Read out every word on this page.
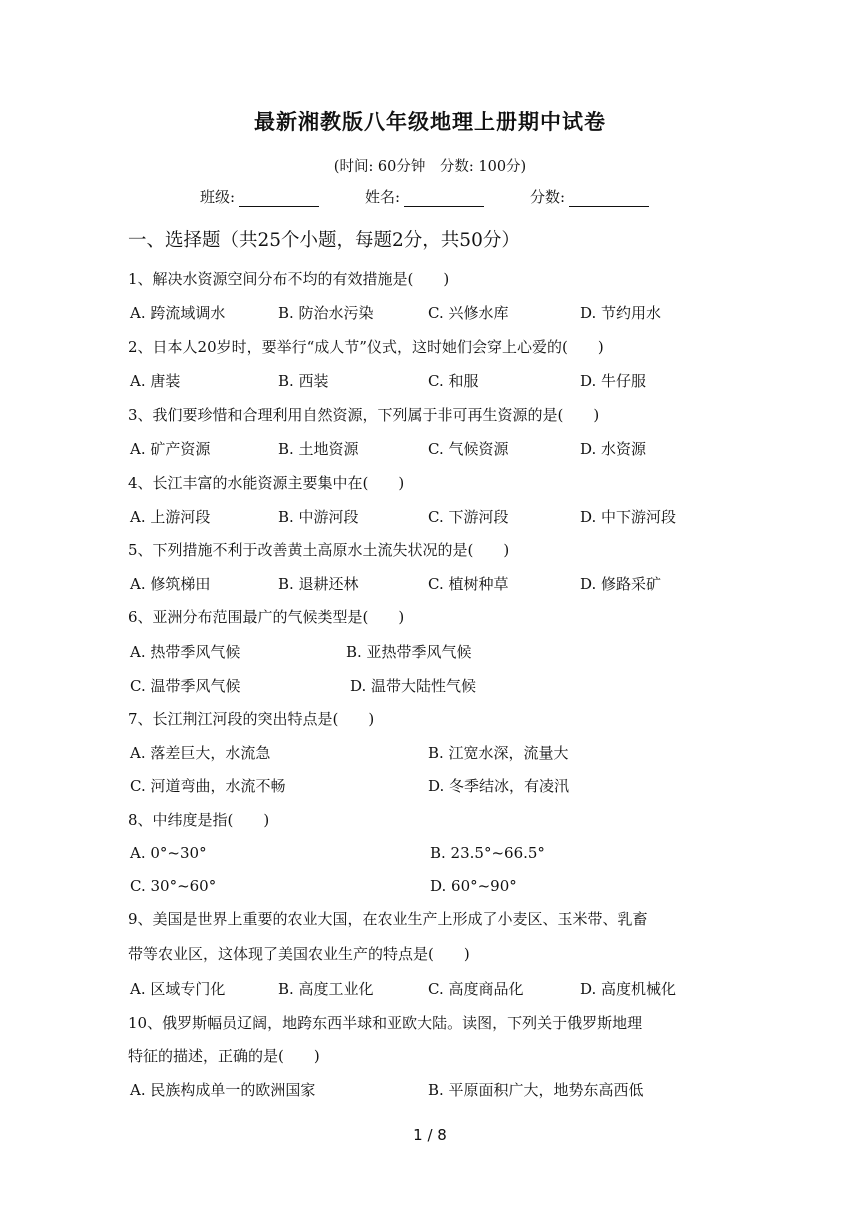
最新湘教版八年级地理上册期中试卷
(时间: 60分钟　分数: 100分)
班级:	姓名:	分数:
一、选择题（共25个小题，每题2分，共50分）
1、解决水资源空间分布不均的有效措施是(　　)
A. 跨流域调水	B. 防治水污染	C. 兴修水库	D. 节约用水
2、日本人20岁时，要举行“成人节”仪式，这时她们会穿上心爱的(　　)
A. 唐装	B. 西装	C. 和服	D. 牛仔服
3、我们要珍惜和合理利用自然资源，下列属于非可再生资源的是(　　)
A. 矿产资源	B. 土地资源	C. 气候资源	D. 水资源
4、长江丰富的水能资源主要集中在(　　)
A. 上游河段	B. 中游河段	C. 下游河段	D. 中下游河段
5、下列措施不利于改善黄土高原水土流失状况的是(　　)
A. 修筑梯田	B. 退耕还林	C. 植树种草	D. 修路采矿
6、亚洲分布范围最广的气候类型是(　　)
A. 热带季风气候	B. 亚热带季风气候
C. 温带季风气候	D. 温带大陆性气候
7、长江荆江河段的突出特点是(　　)
A. 落差巨大，水流急	B. 江宽水深，流量大
C. 河道弯曲，水流不畅	D. 冬季结冰，有凌汛
8、中纬度是指(　　)
A. 0°~30°	B. 23.5°~66.5°
C. 30°~60°	D. 60°~90°
9、美国是世界上重要的农业大国，在农业生产上形成了小麦区、玉米带、乳畜
带等农业区，这体现了美国农业生产的特点是(　　)
A. 区域专门化	B. 高度工业化	C. 高度商品化	D. 高度机械化
10、俄罗斯幅员辽阔，地跨东西半球和亚欧大陆。读图，下列关于俄罗斯地理
特征的描述，正确的是(　　)
A. 民族构成单一的欧洲国家	B. 平原面积广大，地势东高西低
1 / 8
